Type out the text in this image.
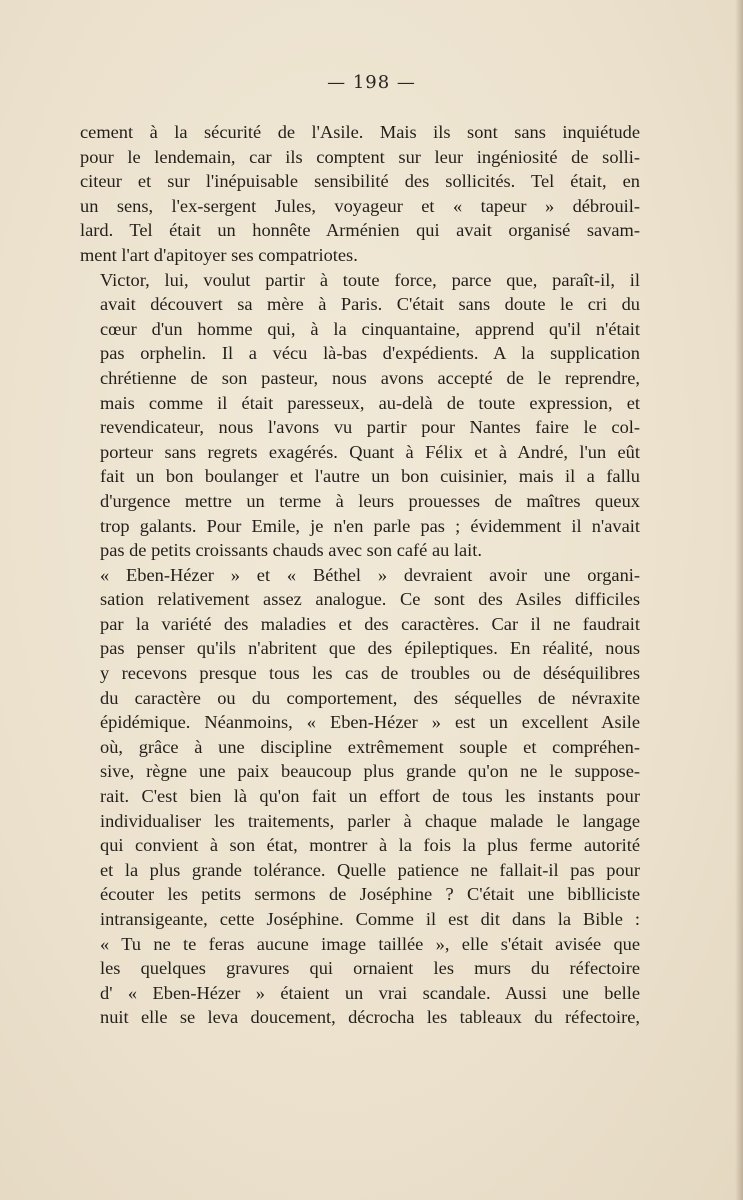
— 198 —

cement à la sécurité de l'Asile. Mais ils sont sans inquiétude
pour le lendemain, car ils comptent sur leur ingéniosité de solli-
citeur et sur l'inépuisable sensibilité des sollicités. Tel était, en
un sens, l'ex-sergent Jules, voyageur et « tapeur » débrouil-
lard. Tel était un honnête Arménien qui avait organisé savam-
ment l'art d'apitoyer ses compatriotes.

Victor, lui, voulut partir à toute force, parce que, paraît-il, il
avait découvert sa mère à Paris. C'était sans doute le cri du
cœur d'un homme qui, à la cinquantaine, apprend qu'il n'était
pas orphelin. Il a vécu là-bas d'expédients. A la supplication
chrétienne de son pasteur, nous avons accepté de le reprendre,
mais comme il était paresseux, au-delà de toute expression, et
revendicateur, nous l'avons vu partir pour Nantes faire le col-
porteur sans regrets exagérés. Quant à Félix et à André, l'un eût
fait un bon boulanger et l'autre un bon cuisinier, mais il a fallu
d'urgence mettre un terme à leurs prouesses de maîtres queux
trop galants. Pour Emile, je n'en parle pas ; évidemment il n'avait
pas de petits croissants chauds avec son café au lait.

« Eben-Hézer » et « Béthel » devraient avoir une organi-
sation relativement assez analogue. Ce sont des Asiles difficiles
par la variété des maladies et des caractères. Car il ne faudrait
pas penser qu'ils n'abritent que des épileptiques. En réalité, nous
y recevons presque tous les cas de troubles ou de déséquilibres
du caractère ou du comportement, des séquelles de névraxite
épidémique. Néanmoins, « Eben-Hézer » est un excellent Asile
où, grâce à une discipline extrêmement souple et compréhen-
sive, règne une paix beaucoup plus grande qu'on ne le suppose-
rait. C'est bien là qu'on fait un effort de tous les instants pour
individualiser les traitements, parler à chaque malade le langage
qui convient à son état, montrer à la fois la plus ferme autorité
et la plus grande tolérance. Quelle patience ne fallait-il pas pour
écouter les petits sermons de Joséphine ? C'était une biblliciste
intransigeante, cette Joséphine. Comme il est dit dans la Bible :
« Tu ne te feras aucune image taillée », elle s'était avisée que
les quelques gravures qui ornaient les murs du réfectoire
d' « Eben-Hézer » étaient un vrai scandale. Aussi une belle
nuit elle se leva doucement, décrocha les tableaux du réfectoire,
